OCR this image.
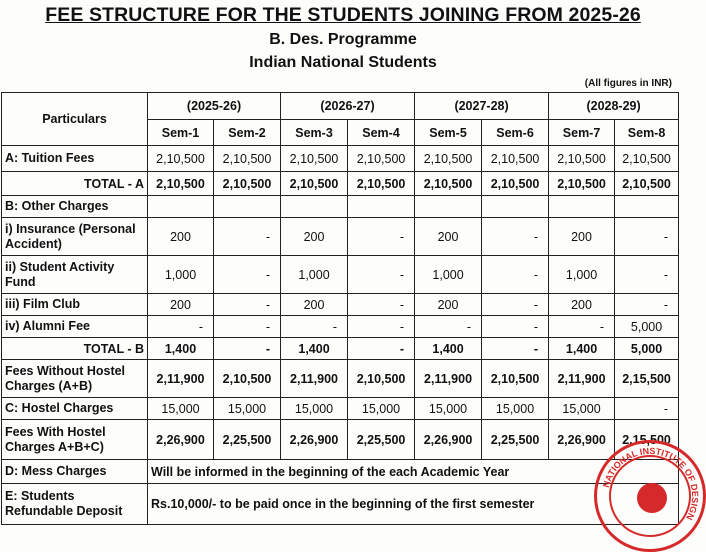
FEE STRUCTURE FOR THE STUDENTS JOINING FROM 2025-26
B. Des. Programme
Indian National Students
(All figures in INR)
Particulars	(2025-26)		(2026-27)		(2027-28)		(2028-29)	
	Sem-1	Sem-2	Sem-3	Sem-4	Sem-5	Sem-6	Sem-7	Sem-8
A: Tuition Fees	2,10,500	2,10,500	2,10,500	2,10,500	2,10,500	2,10,500	2,10,500	2,10,500
TOTAL - A	2,10,500	2,10,500	2,10,500	2,10,500	2,10,500	2,10,500	2,10,500	2,10,500
B: Other Charges								
i) Insurance (Personal Accident)	200	-	200	-	200	-	200	-
ii) Student Activity Fund	1,000	-	1,000	-	1,000	-	1,000	-
iii) Film Club	200	-	200	-	200	-	200	-
iv) Alumni Fee	-	-	-	-	-	-	-	5,000
TOTAL - B	1,400	-	1,400	-	1,400	-	1,400	5,000
Fees Without Hostel Charges (A+B)	2,11,900	2,10,500	2,11,900	2,10,500	2,11,900	2,10,500	2,11,900	2,15,500
C: Hostel Charges	15,000	15,000	15,000	15,000	15,000	15,000	15,000	-
Fees With Hostel Charges A+B+C)	2,26,900	2,25,500	2,26,900	2,25,500	2,26,900	2,25,500	2,26,900	2,15,500
D: Mess Charges	Will be informed in the beginning of the each Academic Year							
E: Students Refundable Deposit	Rs.10,000/- to be paid once in the beginning of the first semester							
NATIONAL INSTITUTE OF DESIGN
